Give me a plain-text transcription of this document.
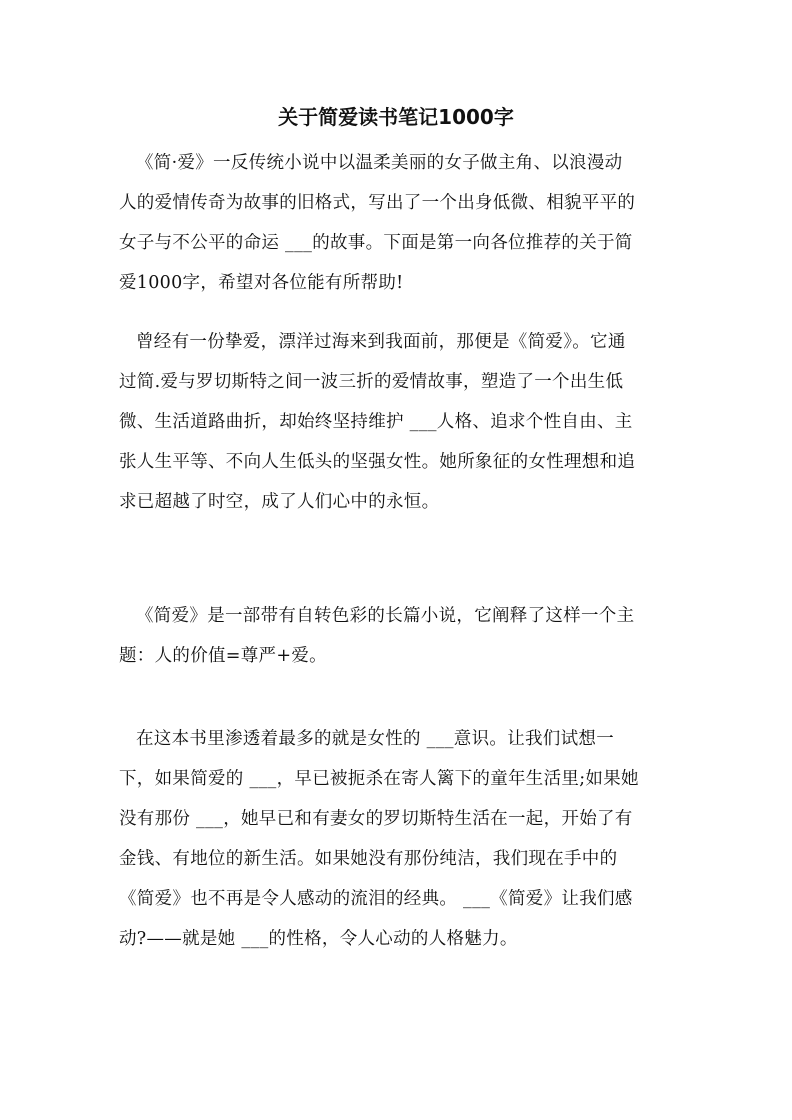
关于简爱读书笔记1000字
《简·爱》一反传统小说中以温柔美丽的女子做主角、以浪漫动
人的爱情传奇为故事的旧格式，写出了一个出身低微、相貌平平的
女子与不公平的命运 ___的故事。下面是第一向各位推荐的关于简
爱1000字，希望对各位能有所帮助!
曾经有一份挚爱，漂洋过海来到我面前，那便是《简爱》。它通
过简.爱与罗切斯特之间一波三折的爱情故事，塑造了一个出生低
微、生活道路曲折，却始终坚持维护 ___人格、追求个性自由、主
张人生平等、不向人生低头的坚强女性。她所象征的女性理想和追
求已超越了时空，成了人们心中的永恒。
《简爱》是一部带有自转色彩的长篇小说，它阐释了这样一个主
题：人的价值=尊严+爱。
在这本书里渗透着最多的就是女性的 ___意识。让我们试想一
下，如果简爱的 ___，早已被扼杀在寄人篱下的童年生活里;如果她
没有那份 ___，她早已和有妻女的罗切斯特生活在一起，开始了有
金钱、有地位的新生活。如果她没有那份纯洁，我们现在手中的
《简爱》也不再是令人感动的流泪的经典。 ___《简爱》让我们感
动?——就是她 ___的性格，令人心动的人格魅力。
